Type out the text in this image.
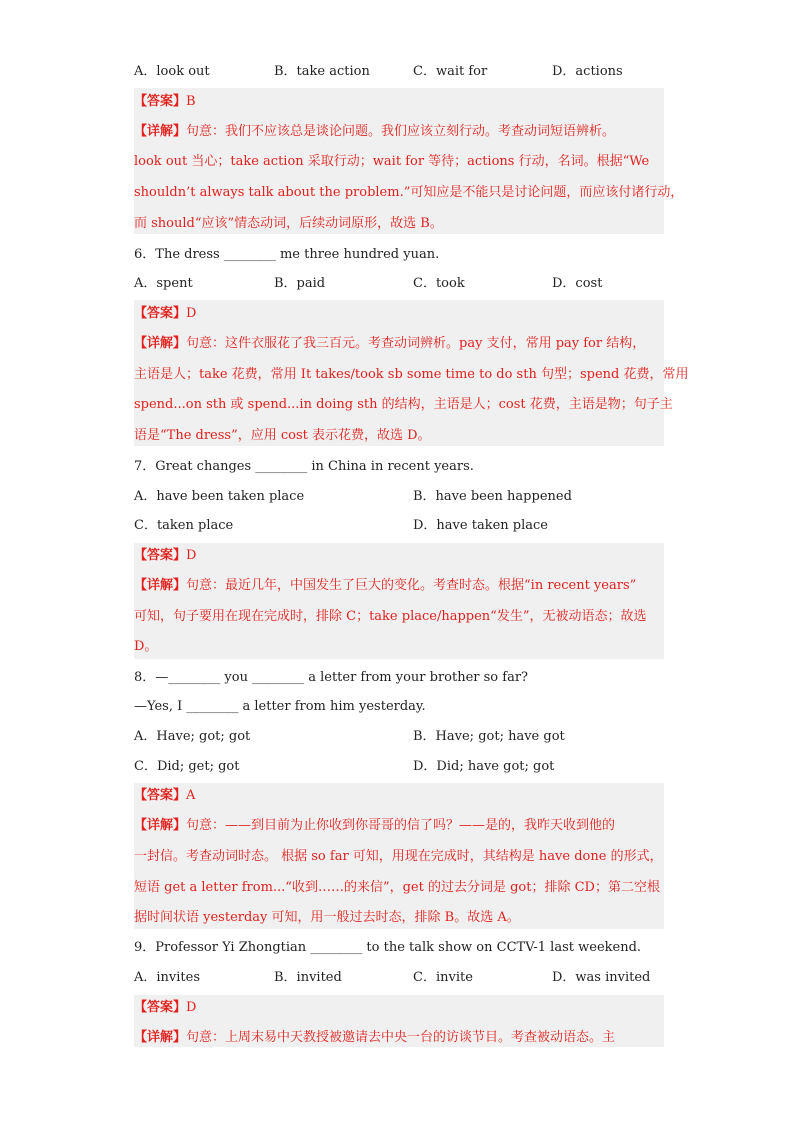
A．look out	B．take action	C．wait for	D．actions
【答案】B
【详解】句意：我们不应该总是谈论问题。我们应该立刻行动。考查动词短语辨析。
look out 当心；take action 采取行动；wait for 等待；actions 行动，名词。根据“We
shouldn’t always talk about the problem.”可知应是不能只是讨论问题，而应该付诸行动，
而 should“应该”情态动词，后续动词原形，故选 B。
6．The dress ________ me three hundred yuan.
A．spent	B．paid	C．took	D．cost
【答案】D
【详解】句意：这件衣服花了我三百元。考查动词辨析。pay 支付，常用 pay for 结构，
主语是人；take 花费，常用 It takes/took sb some time to do sth 句型；spend 花费，常用
spend...on sth 或 spend...in doing sth 的结构，主语是人；cost 花费，主语是物；句子主
语是“The dress”，应用 cost 表示花费，故选 D。
7．Great changes ________ in China in recent years.
A．have been taken place	B．have been happened
C．taken place	D．have taken place
【答案】D
【详解】句意：最近几年，中国发生了巨大的变化。考查时态。根据“in recent years”
可知，句子要用在现在完成时，排除 C；take place/happen“发生”，无被动语态；故选
D。
8．—________ you ________ a letter from your brother so far?
—Yes, I ________ a letter from him yesterday.
A．Have; got; got	B．Have; got; have got
C．Did; get; got	D．Did; have got; got
【答案】A
【详解】句意：——到目前为止你收到你哥哥的信了吗？——是的，我昨天收到他的
一封信。考查动词时态。 根据 so far 可知，用现在完成时，其结构是 have done 的形式，
短语 get a letter from...“收到……的来信”，get 的过去分词是 got；排除 CD；第二空根
据时间状语 yesterday 可知，用一般过去时态，排除 B。故选 A。
9．Professor Yi Zhongtian ________ to the talk show on CCTV-1 last weekend.
A．invites	B．invited	C．invite	D．was invited
【答案】D
【详解】句意：上周末易中天教授被邀请去中央一台的访谈节目。考查被动语态。主
